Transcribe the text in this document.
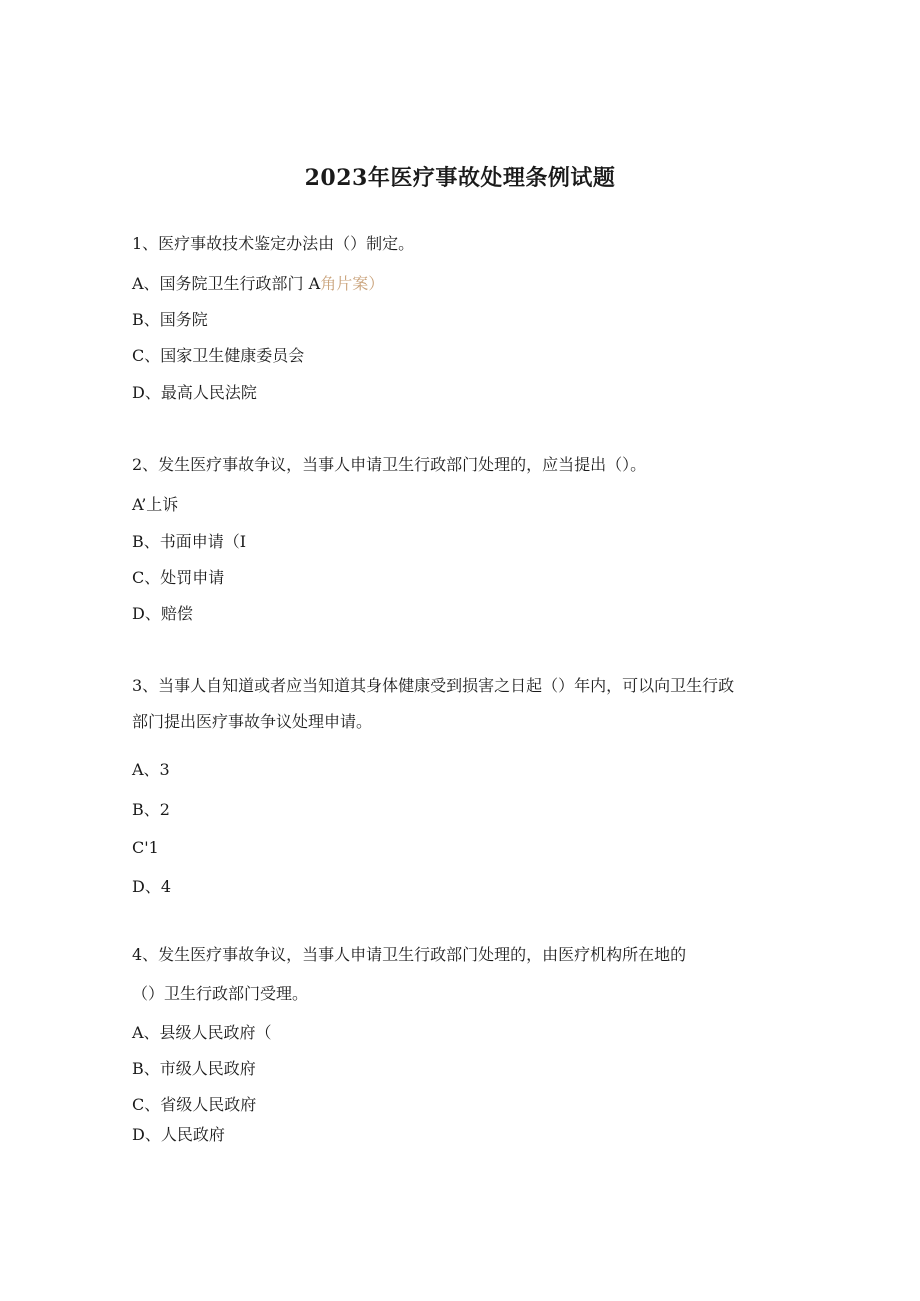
2023年医疗事故处理条例试题
1、医疗事故技术鉴定办法由（）制定。
A、国务院卫生行政部门 A角片案）
B、国务院
C、国家卫生健康委员会
D、最高人民法院
2、发生医疗事故争议，当事人申请卫生行政部门处理的，应当提出（）。
A’上诉
B、书面申请（I
C、处罚申请
D、赔偿
3、当事人自知道或者应当知道其身体健康受到损害之日起（）年内，可以向卫生行政
部门提出医疗事故争议处理申请。
A、3
B、2
C'1
D、4
4、发生医疗事故争议，当事人申请卫生行政部门处理的，由医疗机构所在地的
（）卫生行政部门受理。
A、县级人民政府（
B、市级人民政府
C、省级人民政府
D、人民政府
